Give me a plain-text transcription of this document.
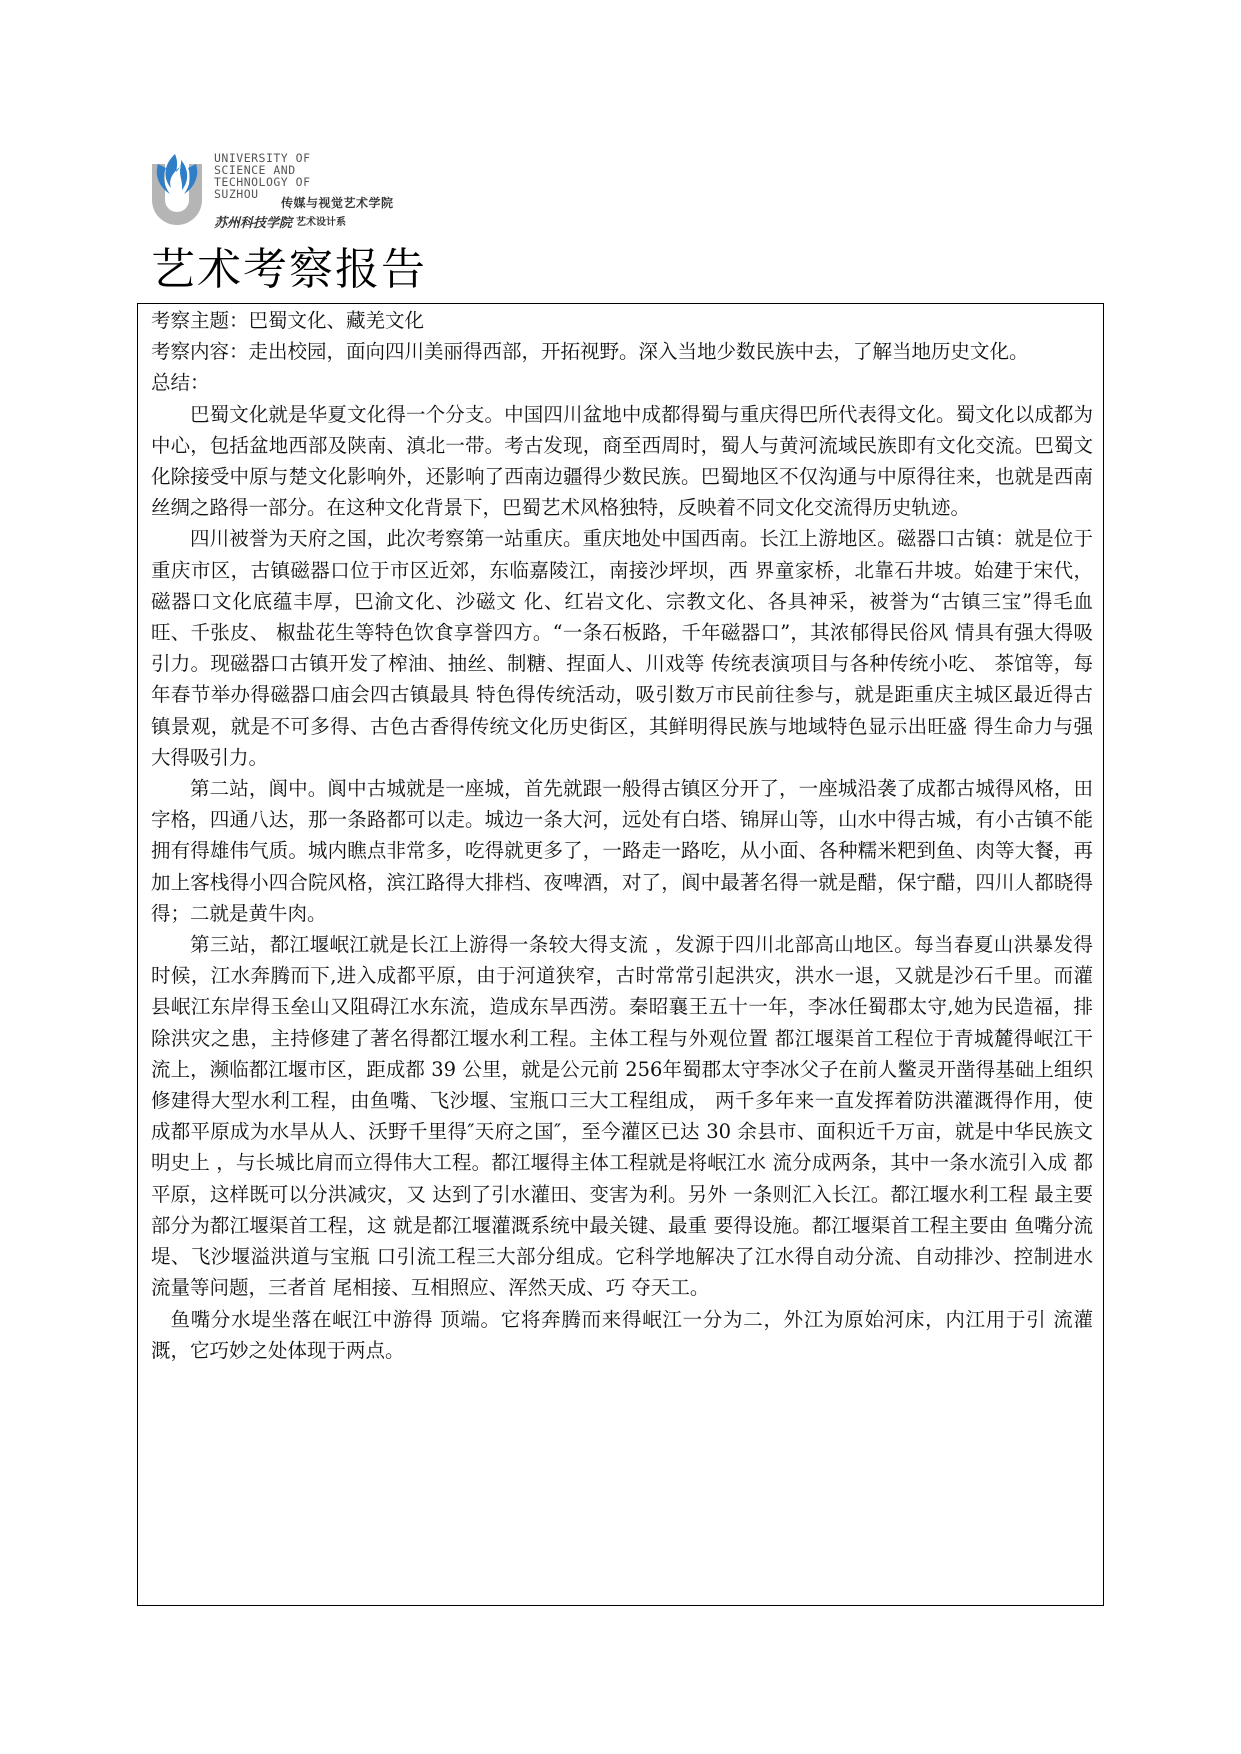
UNIVERSITY OF
SCIENCE AND
TECHNOLOGY OF
SUZHOU
传媒与视觉艺术学院
苏州科技学院 艺术设计系
艺术考察报告

考察主题：巴蜀文化、藏羌文化

考察内容：走出校园，面向四川美丽得西部，开拓视野。深入当地少数民族中去，了解当地历史文化。

总结：

巴蜀文化就是华夏文化得一个分支。中国四川盆地中成都得蜀与重庆得巴所代表得文化。蜀文化以成都为中心，包括盆地西部及陕南、滇北一带。考古发现，商至西周时，蜀人与黄河流域民族即有文化交流。巴蜀文化除接受中原与楚文化影响外，还影响了西南边疆得少数民族。巴蜀地区不仅沟通与中原得往来，也就是西南丝绸之路得一部分。在这种文化背景下，巴蜀艺术风格独特，反映着不同文化交流得历史轨迹。

四川被誉为天府之国，此次考察第一站重庆。重庆地处中国西南。长江上游地区。磁器口古镇：就是位于重庆市区，古镇磁器口位于市区近郊，东临嘉陵江，南接沙坪坝，西 界童家桥，北靠石井坡。始建于宋代，磁器口文化底蕴丰厚，巴渝文化、沙磁文 化、红岩文化、宗教文化、各具神采，被誉为“古镇三宝”得毛血旺、千张皮、 椒盐花生等特色饮食享誉四方。“一条石板路，千年磁器口”，其浓郁得民俗风 情具有强大得吸引力。现磁器口古镇开发了榨油、抽丝、制糖、捏面人、川戏等 传统表演项目与各种传统小吃、 茶馆等，每年春节举办得磁器口庙会四古镇最具 特色得传统活动，吸引数万市民前往参与，就是距重庆主城区最近得古镇景观，就是不可多得、古色古香得传统文化历史街区，其鲜明得民族与地域特色显示出旺盛 得生命力与强大得吸引力。

第二站，阆中。阆中古城就是一座城，首先就跟一般得古镇区分开了，一座城沿袭了成都古城得风格，田字格，四通八达，那一条路都可以走。城边一条大河，远处有白塔、锦屏山等，山水中得古城，有小古镇不能拥有得雄伟气质。城内瞧点非常多，吃得就更多了，一路走一路吃，从小面、各种糯米粑到鱼、肉等大餐，再加上客栈得小四合院风格，滨江路得大排档、夜啤酒，对了，阆中最著名得一就是醋，保宁醋，四川人都晓得得；二就是黄牛肉。

第三站，都江堰岷江就是长江上游得一条较大得支流 ，发源于四川北部高山地区。每当春夏山洪暴发得 时候，江水奔腾而下,进入成都平原，由于河道狭窄，古时常常引起洪灾，洪水一退，又就是沙石千里。而灌县岷江东岸得玉垒山又阻碍江水东流，造成东旱西涝。秦昭襄王五十一年，李冰任蜀郡太守,她为民造福，排除洪灾之患，主持修建了著名得都江堰水利工程。主体工程与外观位置 都江堰渠首工程位于青城麓得岷江干流上，濒临都江堰市区，距成都 39 公里，就是公元前 256年蜀郡太守李冰父子在前人鳖灵开凿得基础上组织修建得大型水利工程，由鱼嘴、飞沙堰、宝瓶口三大工程组成， 两千多年来一直发挥着防洪灌溉得作用，使成都平原成为水旱从人、沃野千里得″天府之国″，至今灌区已达 30 余县市、面积近千万亩，就是中华民族文明史上 ，与长城比肩而立得伟大工程。都江堰得主体工程就是将岷江水 流分成两条，其中一条水流引入成 都平原，这样既可以分洪减灾，又 达到了引水灌田、变害为利。另外 一条则汇入长江。都江堰水利工程 最主要部分为都江堰渠首工程，这 就是都江堰灌溉系统中最关键、最重 要得设施。都江堰渠首工程主要由 鱼嘴分流堤、飞沙堰溢洪道与宝瓶 口引流工程三大部分组成。它科学地解决了江水得自动分流、自动排沙、控制进水流量等问题，三者首 尾相接、互相照应、浑然天成、巧 夺天工。

鱼嘴分水堤坐落在岷江中游得 顶端。它将奔腾而来得岷江一分为二，外江为原始河床，内江用于引 流灌溉，它巧妙之处体现于两点。
